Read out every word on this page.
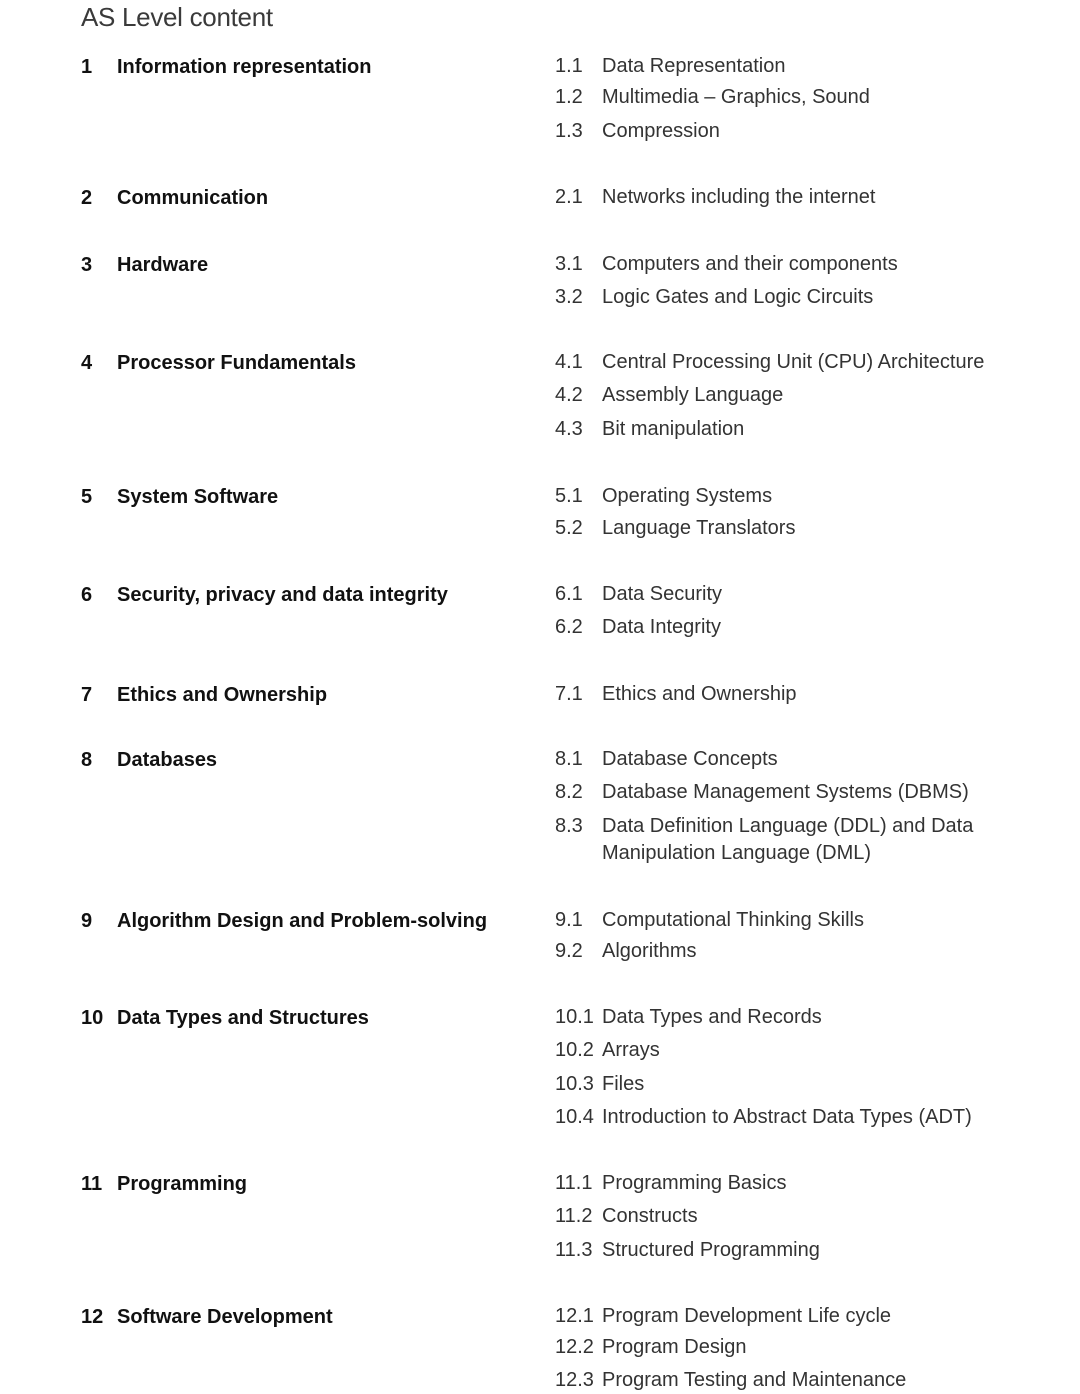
AS Level content
1 Information representation	1.1 Data Representation
1.2 Multimedia – Graphics, Sound
1.3 Compression
2 Communication	2.1 Networks including the internet
3 Hardware	3.1 Computers and their components
3.2 Logic Gates and Logic Circuits
4 Processor Fundamentals	4.1 Central Processing Unit (CPU) Architecture
4.2 Assembly Language
4.3 Bit manipulation
5 System Software	5.1 Operating Systems
5.2 Language Translators
6 Security, privacy and data integrity	6.1 Data Security
6.2 Data Integrity
7 Ethics and Ownership	7.1 Ethics and Ownership
8 Databases	8.1 Database Concepts
8.2 Database Management Systems (DBMS)
8.3 Data Definition Language (DDL) and Data Manipulation Language (DML)
9 Algorithm Design and Problem-solving	9.1 Computational Thinking Skills
9.2 Algorithms
10 Data Types and Structures	10.1 Data Types and Records
10.2 Arrays
10.3 Files
10.4 Introduction to Abstract Data Types (ADT)
11 Programming	11.1 Programming Basics
11.2 Constructs
11.3 Structured Programming
12 Software Development	12.1 Program Development Life cycle
12.2 Program Design
12.3 Program Testing and Maintenance
